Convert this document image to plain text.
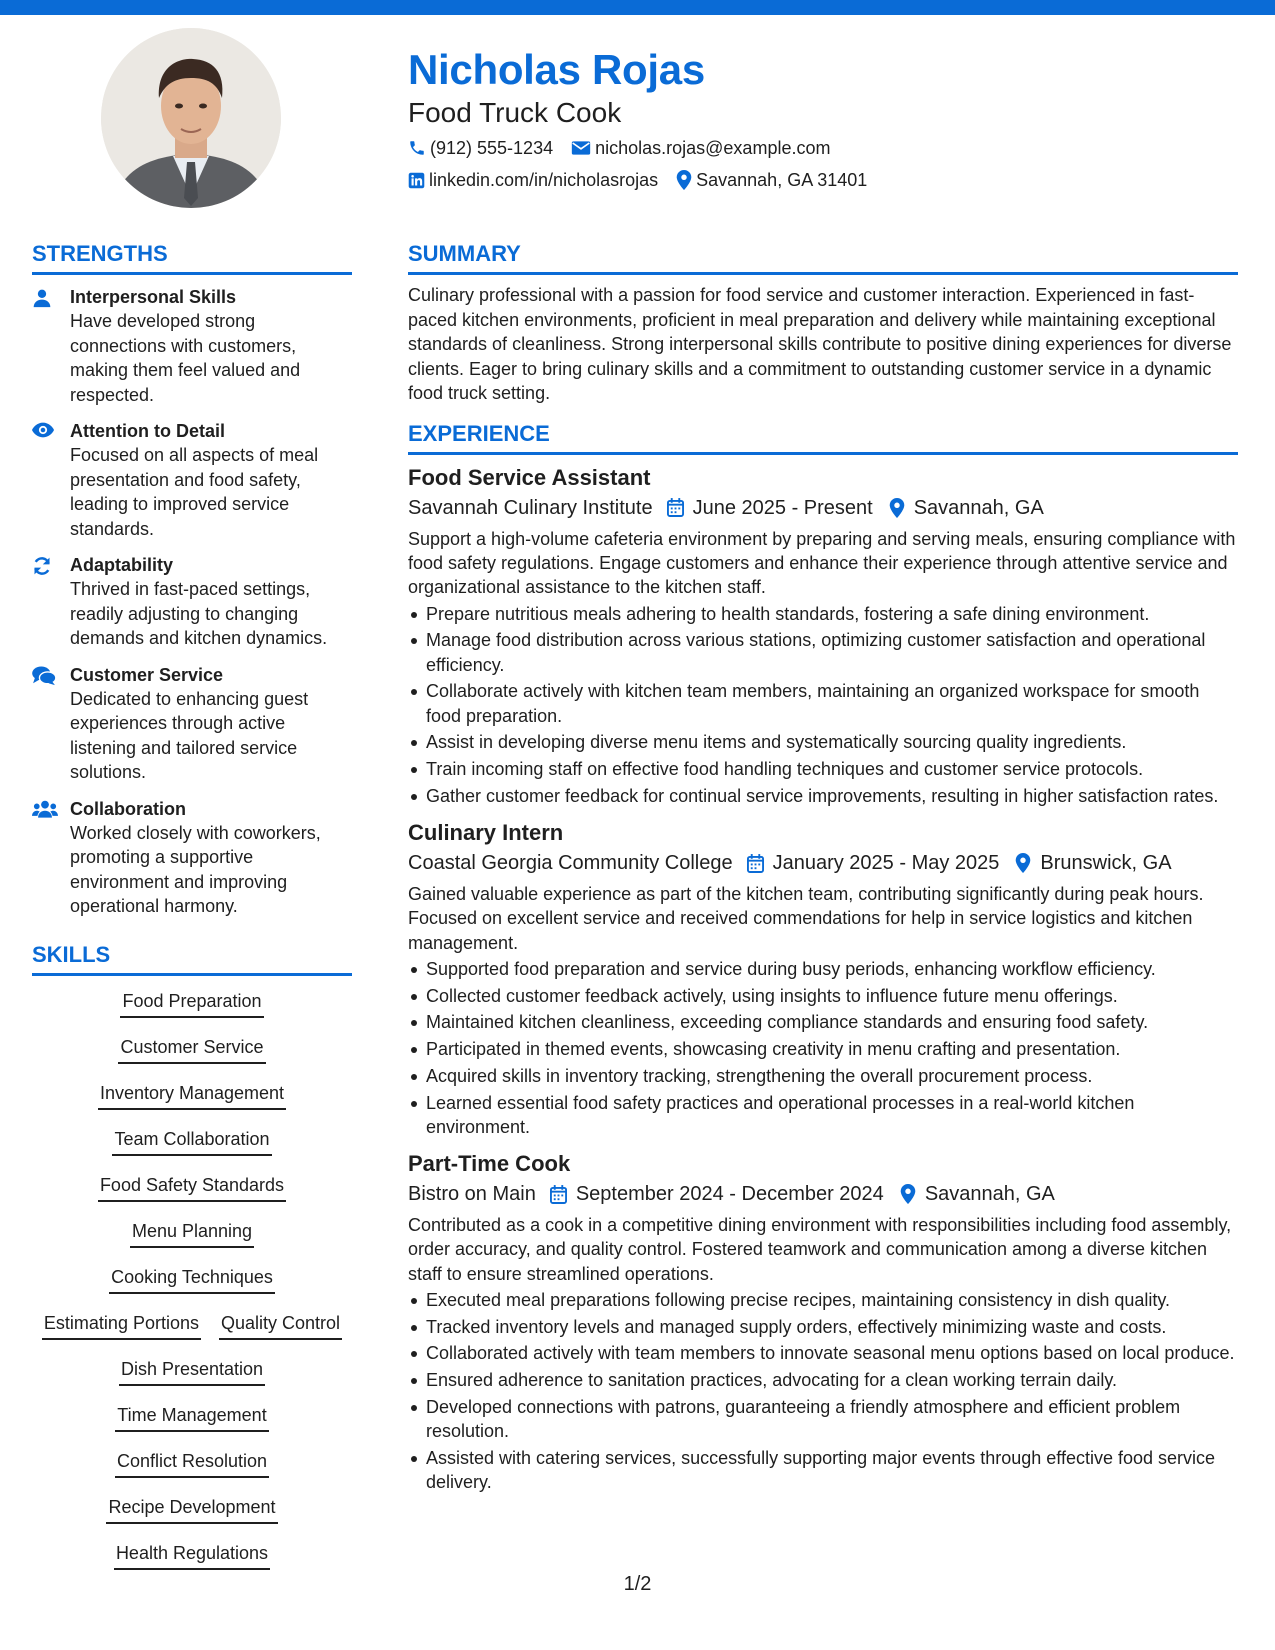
Nicholas Rojas
Food Truck Cook
(912) 555-1234 nicholas.rojas@example.com
linkedin.com/in/nicholasrojas Savannah, GA 31401
STRENGTHS
Interpersonal Skills
Have developed strong connections with customers, making them feel valued and respected.
Attention to Detail
Focused on all aspects of meal presentation and food safety, leading to improved service standards.
Adaptability
Thrived in fast-paced settings, readily adjusting to changing demands and kitchen dynamics.
Customer Service
Dedicated to enhancing guest experiences through active listening and tailored service solutions.
Collaboration
Worked closely with coworkers, promoting a supportive environment and improving operational harmony.
SKILLS
Food Preparation
Customer Service
Inventory Management
Team Collaboration
Food Safety Standards
Menu Planning
Cooking Techniques
Estimating Portions Quality Control
Dish Presentation
Time Management
Conflict Resolution
Recipe Development
Health Regulations
SUMMARY

Culinary professional with a passion for food service and customer interaction. Experienced in fast-paced kitchen environments, proficient in meal preparation and delivery while maintaining exceptional standards of cleanliness. Strong interpersonal skills contribute to positive dining experiences for diverse clients. Eager to bring culinary skills and a commitment to outstanding customer service in a dynamic food truck setting.

EXPERIENCE
Food Service Assistant
Savannah Culinary Institute June 2025 - Present Savannah, GA

Support a high-volume cafeteria environment by preparing and serving meals, ensuring compliance with food safety regulations. Engage customers and enhance their experience through attentive service and organizational assistance to the kitchen staff.

Prepare nutritious meals adhering to health standards, fostering a safe dining environment.
Manage food distribution across various stations, optimizing customer satisfaction and operational efficiency.
Collaborate actively with kitchen team members, maintaining an organized workspace for smooth food preparation.
Assist in developing diverse menu items and systematically sourcing quality ingredients.
Train incoming staff on effective food handling techniques and customer service protocols.
Gather customer feedback for continual service improvements, resulting in higher satisfaction rates.
Culinary Intern
Coastal Georgia Community College January 2025 - May 2025 Brunswick, GA

Gained valuable experience as part of the kitchen team, contributing significantly during peak hours. Focused on excellent service and received commendations for help in service logistics and kitchen management.

Supported food preparation and service during busy periods, enhancing workflow efficiency.
Collected customer feedback actively, using insights to influence future menu offerings.
Maintained kitchen cleanliness, exceeding compliance standards and ensuring food safety.
Participated in themed events, showcasing creativity in menu crafting and presentation.
Acquired skills in inventory tracking, strengthening the overall procurement process.
Learned essential food safety practices and operational processes in a real-world kitchen environment.
Part-Time Cook
Bistro on Main September 2024 - December 2024 Savannah, GA

Contributed as a cook in a competitive dining environment with responsibilities including food assembly, order accuracy, and quality control. Fostered teamwork and communication among a diverse kitchen staff to ensure streamlined operations.

Executed meal preparations following precise recipes, maintaining consistency in dish quality.
Tracked inventory levels and managed supply orders, effectively minimizing waste and costs.
Collaborated actively with team members to innovate seasonal menu options based on local produce.
Ensured adherence to sanitation practices, advocating for a clean working terrain daily.
Developed connections with patrons, guaranteeing a friendly atmosphere and efficient problem resolution.
Assisted with catering services, successfully supporting major events through effective food service delivery.
1/2
